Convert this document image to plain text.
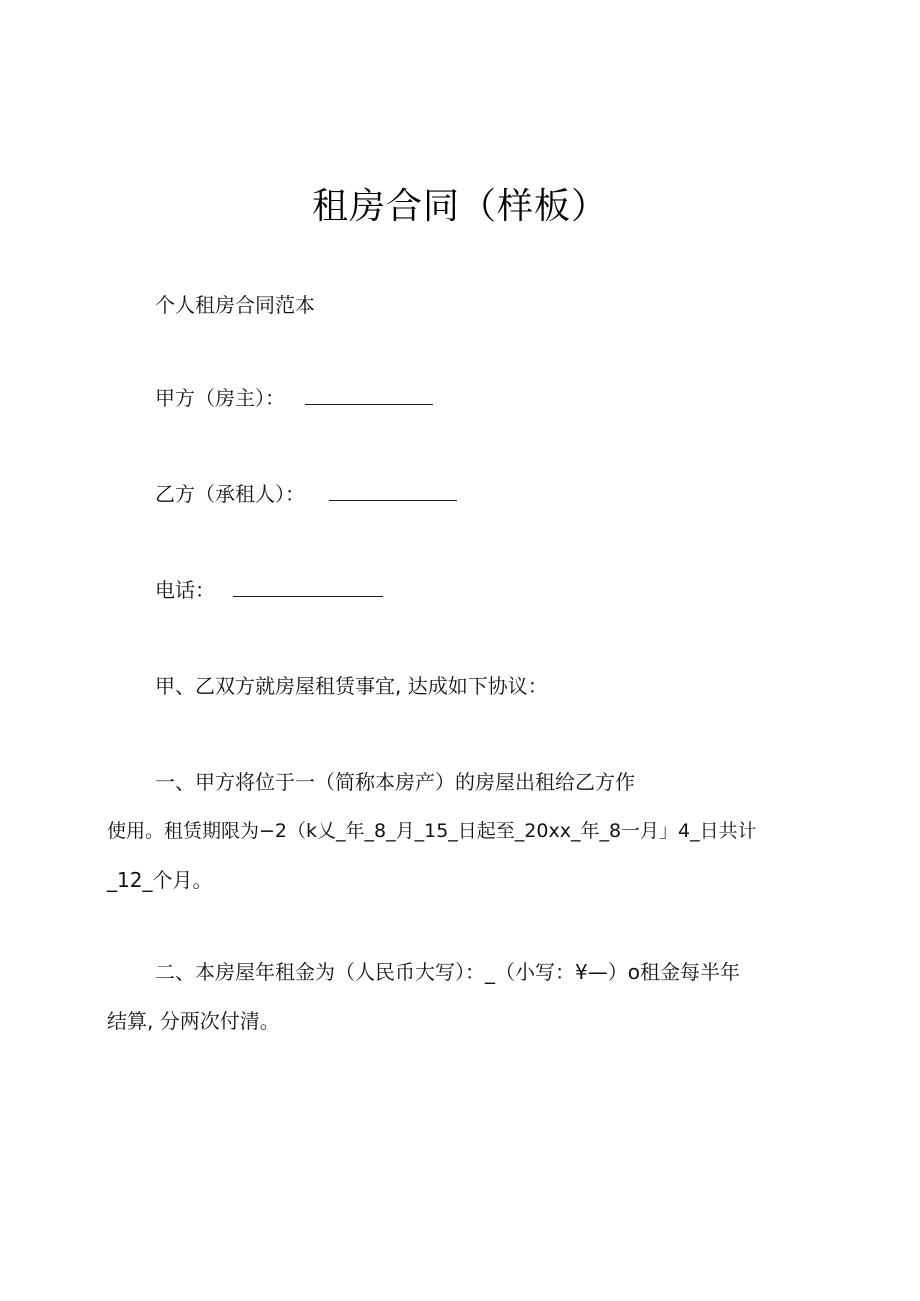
租房合同（样板）
个人租房合同范本
甲方（房主）：
乙方（承租人）：
电话：
甲、乙双方就房屋租赁事宜, 达成如下协议：
一、甲方将位于一（简称本房产）的房屋出租给乙方作
使用。租赁期限为−2（k乂_年_8_月_15_日起至_20xx_年_8一月」4_日共计
_12_个月。
二、本房屋年租金为（人民币大写）：_（小写：¥—）o租金每半年
结算, 分两次付清。
